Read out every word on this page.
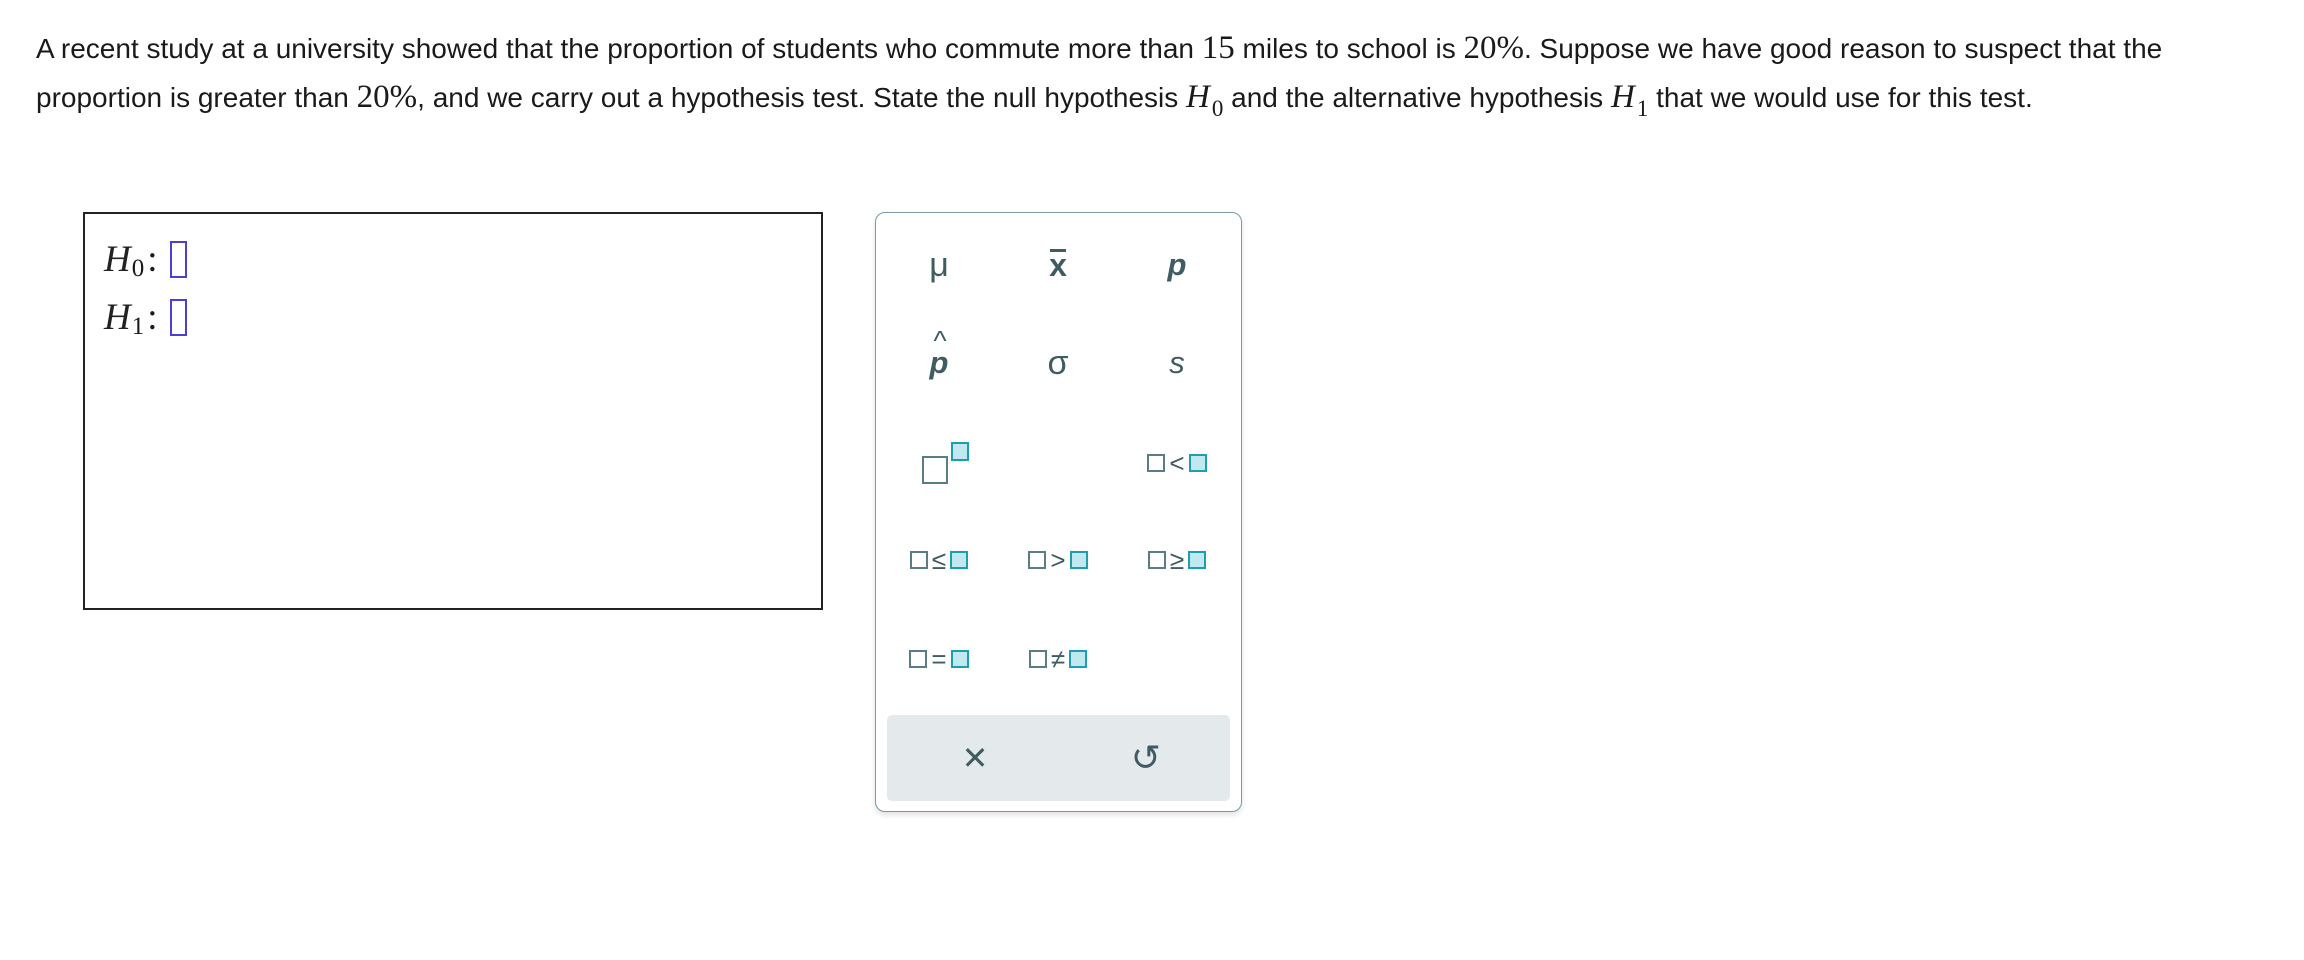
A recent study at a university showed that the proportion of students who commute more than 15 miles to school is 20%. Suppose we have good reason to suspect that the proportion is greater than 20%, and we carry out a hypothesis test. State the null hypothesis $H_0$ and the alternative hypothesis $H_1$ that we would use for this test.
H 0 :
H 1 :
μ	x	p
^ p	σ	s
<
≤	>	≥
=	≠
✕	↺
